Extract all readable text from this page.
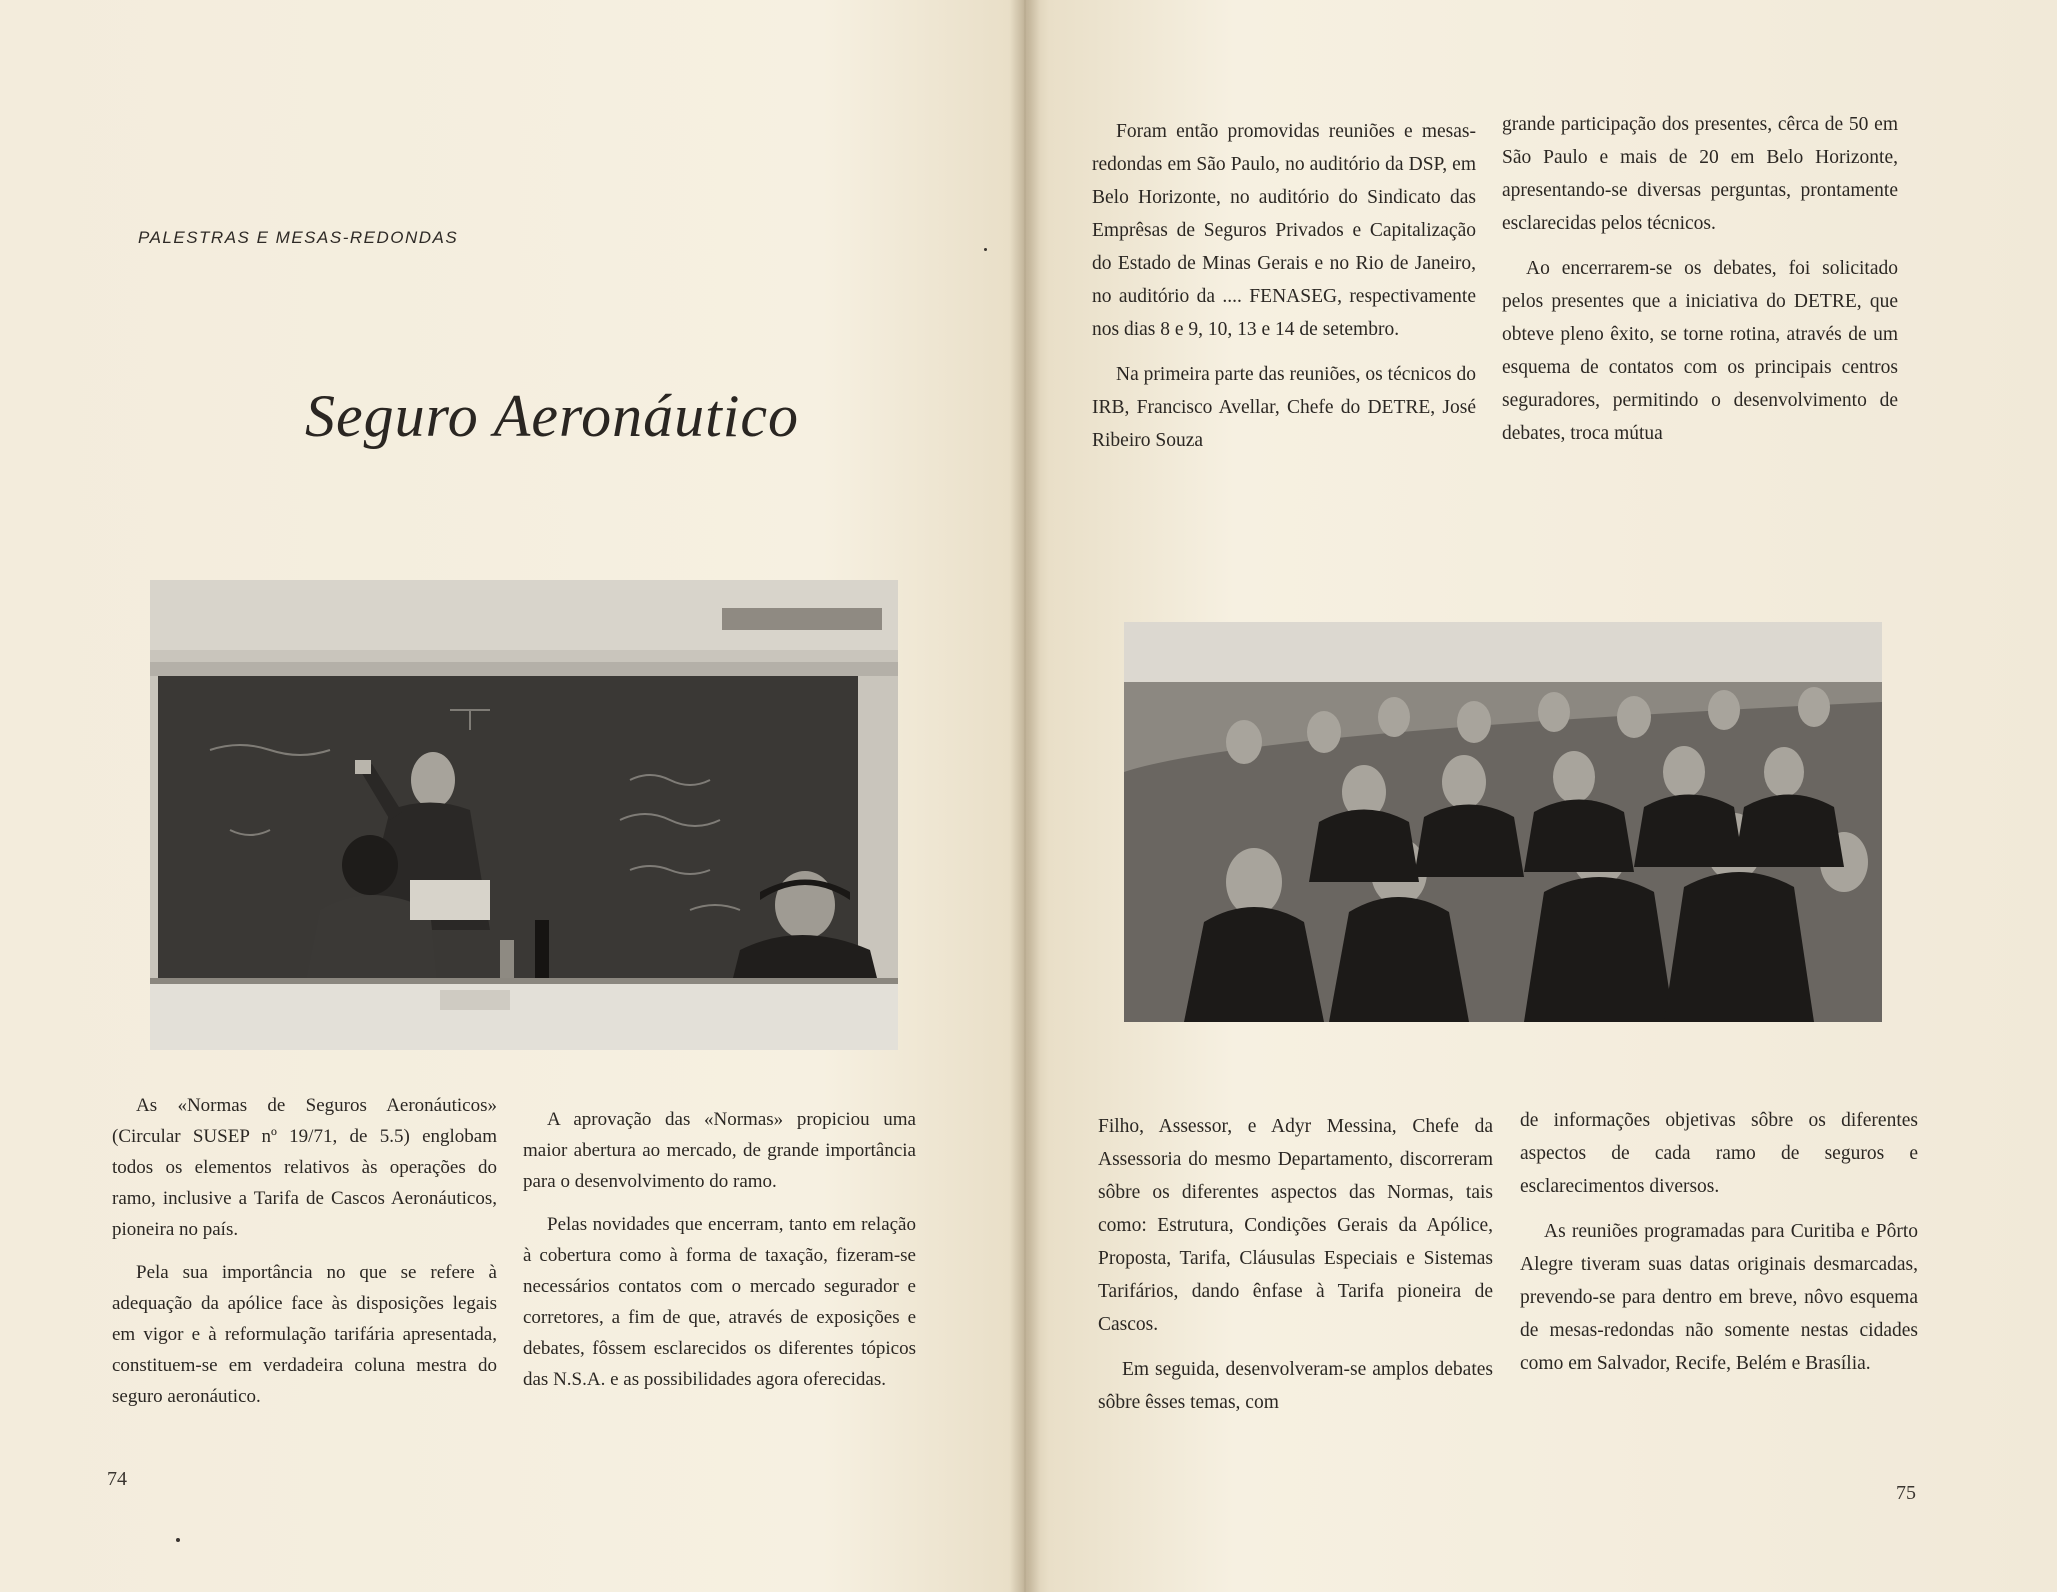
PALESTRAS E MESAS-REDONDAS
Seguro Aeronáutico

As «Normas de Seguros Aeronáuticos» (Circular SUSEP nº 19/71, de 5.5) englobam todos os elementos relativos às operações do ramo, inclusive a Tarifa de Cascos Aeronáuticos, pioneira no país.

Pela sua importância no que se refere à adequação da apólice face às disposições legais em vigor e à reformulação tarifária apresentada, constituem-se em verdadeira coluna mestra do seguro aeronáutico.

A aprovação das «Normas» propiciou uma maior abertura ao mercado, de grande importância para o desenvolvimento do ramo.

Pelas novidades que encerram, tanto em relação à cobertura como à forma de taxação, fizeram-se necessários contatos com o mercado segurador e corretores, a fim de que, através de exposições e debates, fôssem esclarecidos os diferentes tópicos das N.S.A. e as possibilidades agora oferecidas.

74

Foram então promovidas reuniões e mesas-redondas em São Paulo, no auditório da DSP, em Belo Horizonte, no auditório do Sindicato das Emprêsas de Seguros Privados e Capitalização do Estado de Minas Gerais e no Rio de Janeiro, no auditório da .... FENASEG, respectivamente nos dias 8 e 9, 10, 13 e 14 de setembro.

Na primeira parte das reuniões, os técnicos do IRB, Francisco Avellar, Chefe do DETRE, José Ribeiro Souza

grande participação dos presentes, cêrca de 50 em São Paulo e mais de 20 em Belo Horizonte, apresentando-se diversas perguntas, prontamente esclarecidas pelos técnicos.

Ao encerrarem-se os debates, foi solicitado pelos presentes que a iniciativa do DETRE, que obteve pleno êxito, se torne rotina, através de um esquema de contatos com os principais centros seguradores, permitindo o desenvolvimento de debates, troca mútua

Filho, Assessor, e Adyr Messina, Chefe da Assessoria do mesmo Departamento, discorreram sôbre os diferentes aspectos das Normas, tais como: Estrutura, Condições Gerais da Apólice, Proposta, Tarifa, Cláusulas Especiais e Sistemas Tarifários, dando ênfase à Tarifa pioneira de Cascos.

Em seguida, desenvolveram-se amplos debates sôbre êsses temas, com

de informações objetivas sôbre os diferentes aspectos de cada ramo de seguros e esclarecimentos diversos.

As reuniões programadas para Curitiba e Pôrto Alegre tiveram suas datas originais desmarcadas, prevendo-se para dentro em breve, nôvo esquema de mesas-redondas não somente nestas cidades como em Salvador, Recife, Belém e Brasília.

75
